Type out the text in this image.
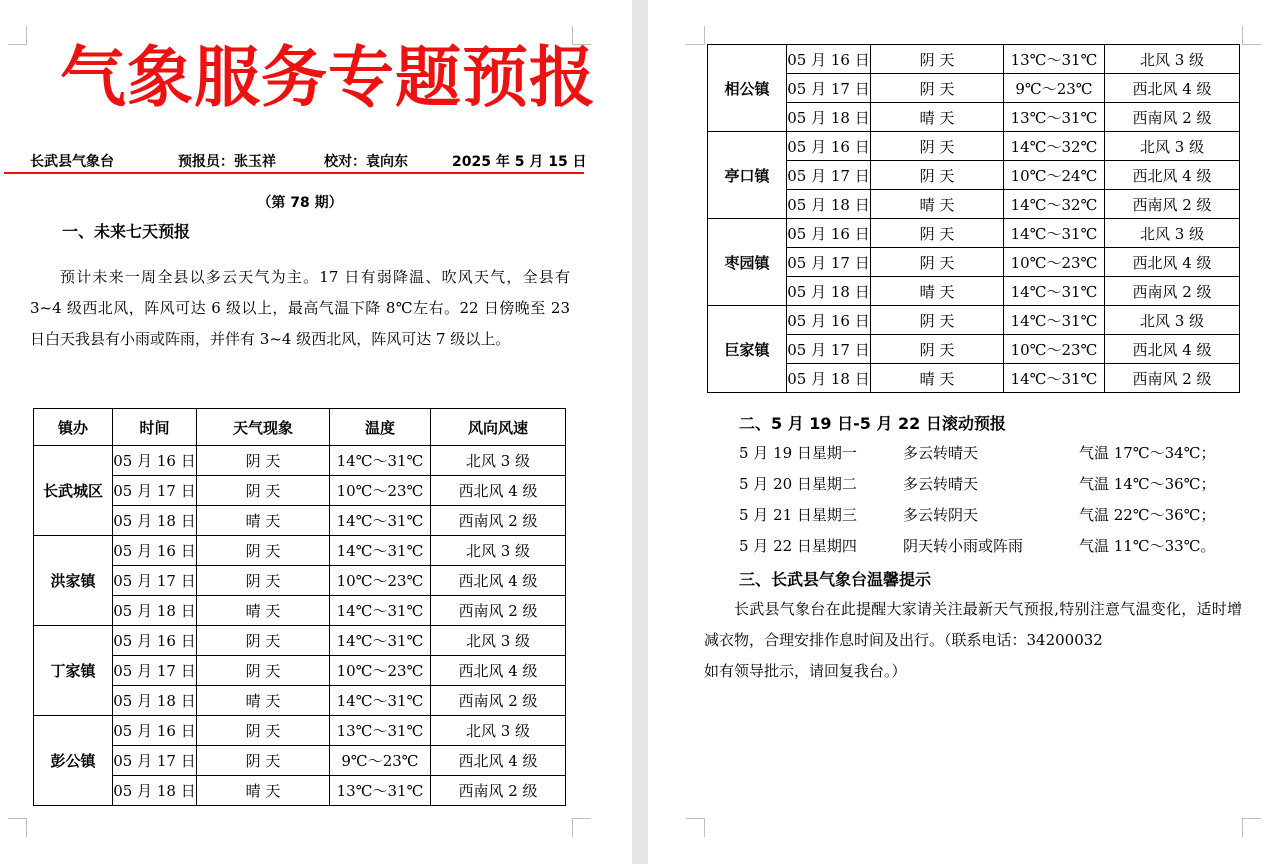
气象服务专题预报
长武县气象台	预报员：张玉祥	校对：袁向东	2025 年 5 月 15 日
（第 78 期）
一、未来七天预报

预计未来一周全县以多云天气为主。17 日有弱降温、吹风天气，全县有 3~4 级西北风，阵风可达 6 级以上，最高气温下降 8℃左右。22 日傍晚至 23 日白天我县有小雨或阵雨，并伴有 3~4 级西北风，阵风可达 7 级以上。

镇办	时间	天气现象	温度	风向风速
长武城区	05 月 16 日	阴 天	14℃～31℃	北风 3 级
	05 月 17 日	阴 天	10℃～23℃	西北风 4 级
	05 月 18 日	晴 天	14℃～31℃	西南风 2 级
洪家镇	05 月 16 日	阴 天	14℃～31℃	北风 3 级
	05 月 17 日	阴 天	10℃～23℃	西北风 4 级
	05 月 18 日	晴 天	14℃～31℃	西南风 2 级
丁家镇	05 月 16 日	阴 天	14℃～31℃	北风 3 级
	05 月 17 日	阴 天	10℃～23℃	西北风 4 级
	05 月 18 日	晴 天	14℃～31℃	西南风 2 级
彭公镇	05 月 16 日	阴 天	13℃～31℃	北风 3 级
	05 月 17 日	阴 天	9℃～23℃	西北风 4 级
	05 月 18 日	晴 天	13℃～31℃	西南风 2 级
相公镇	05 月 16 日	阴 天	13℃～31℃	北风 3 级
	05 月 17 日	阴 天	9℃～23℃	西北风 4 级
	05 月 18 日	晴 天	13℃～31℃	西南风 2 级
亭口镇	05 月 16 日	阴 天	14℃～32℃	北风 3 级
	05 月 17 日	阴 天	10℃～24℃	西北风 4 级
	05 月 18 日	晴 天	14℃～32℃	西南风 2 级
枣园镇	05 月 16 日	阴 天	14℃～31℃	北风 3 级
	05 月 17 日	阴 天	10℃～23℃	西北风 4 级
	05 月 18 日	晴 天	14℃～31℃	西南风 2 级
巨家镇	05 月 16 日	阴 天	14℃～31℃	北风 3 级
	05 月 17 日	阴 天	10℃～23℃	西北风 4 级
	05 月 18 日	晴 天	14℃～31℃	西南风 2 级
二、5 月 19 日-5 月 22 日滚动预报
5 月 19 日星期一	多云转晴天	气温 17℃～34℃；
5 月 20 日星期二	多云转晴天	气温 14℃～36℃；
5 月 21 日星期三	多云转阴天	气温 22℃～36℃；
5 月 22 日星期四	阴天转小雨或阵雨	气温 11℃～33℃。
三、长武县气象台温馨提示

长武县气象台在此提醒大家请关注最新天气预报,特别注意气温变化，适时增减衣物，合理安排作息时间及出行。（联系电话：34200032

如有领导批示，请回复我台。）
